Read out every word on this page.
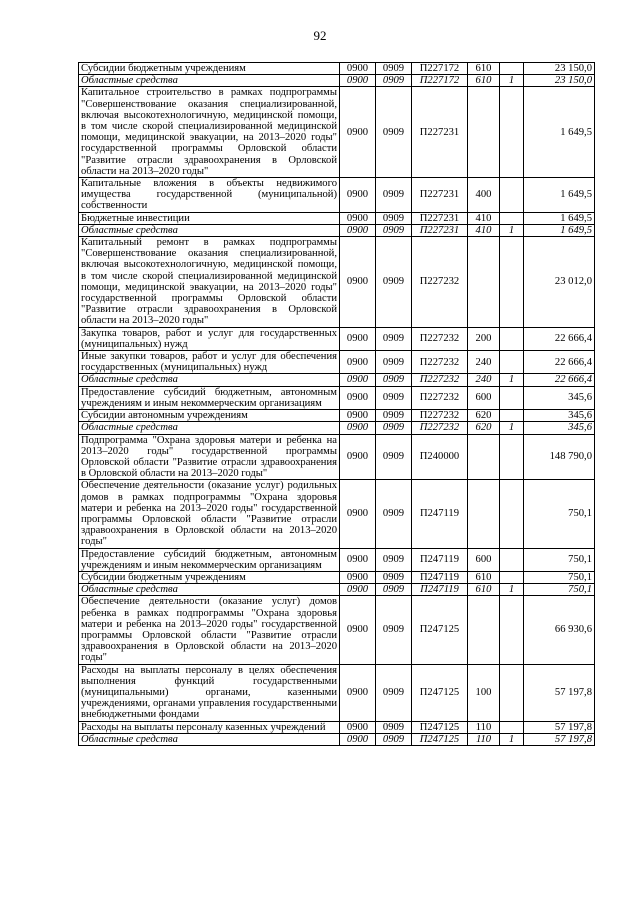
92
Субсидии бюджетным учреждениям	0900	0909	П227172	610		23 150,0
Областные средства	0900	0909	П227172	610	1	23 150,0
Капитальное строительство в рамках подпрограммы "Совершенствование оказания специализированной, включая высокотехнологичную, медицинской помощи, в том числе скорой специализированной медицинской помощи, медицинской эвакуации, на 2013–2020 годы" государственной программы Орловской области "Развитие отрасли здравоохранения в Орловской области на 2013–2020 годы"	0900	0909	П227231			1 649,5
Капитальные вложения в объекты недвижимого имущества государственной (муниципальной) собственности	0900	0909	П227231	400		1 649,5
Бюджетные инвестиции	0900	0909	П227231	410		1 649,5
Областные средства	0900	0909	П227231	410	1	1 649,5
Капитальный ремонт в рамках подпрограммы "Совершенствование оказания специализированной, включая высокотехнологичную, медицинской помощи, в том числе скорой специализированной медицинской помощи, медицинской эвакуации, на 2013–2020 годы" государственной программы Орловской области "Развитие отрасли здравоохранения в Орловской области на 2013–2020 годы"	0900	0909	П227232			23 012,0
Закупка товаров, работ и услуг для государственных (муниципальных) нужд	0900	0909	П227232	200		22 666,4
Иные закупки товаров, работ и услуг для обеспечения государственных (муниципальных) нужд	0900	0909	П227232	240		22 666,4
Областные средства	0900	0909	П227232	240	1	22 666,4
Предоставление субсидий бюджетным, автономным учреждениям и иным некоммерческим организациям	0900	0909	П227232	600		345,6
Субсидии автономным учреждениям	0900	0909	П227232	620		345,6
Областные средства	0900	0909	П227232	620	1	345,6
Подпрограмма "Охрана здоровья матери и ребенка на 2013–2020 годы" государственной программы Орловской области "Развитие отрасли здравоохранения в Орловской области на 2013–2020 годы"	0900	0909	П240000			148 790,0
Обеспечение деятельности (оказание услуг) родильных домов в рамках подпрограммы "Охрана здоровья матери и ребенка на 2013–2020 годы" государственной программы Орловской области "Развитие отрасли здравоохранения в Орловской области на 2013–2020 годы"	0900	0909	П247119			750,1
Предоставление субсидий бюджетным, автономным учреждениям и иным некоммерческим организациям	0900	0909	П247119	600		750,1
Субсидии бюджетным учреждениям	0900	0909	П247119	610		750,1
Областные средства	0900	0909	П247119	610	1	750,1
Обеспечение деятельности (оказание услуг) домов ребенка в рамках подпрограммы "Охрана здоровья матери и ребенка на 2013–2020 годы" государственной программы Орловской области "Развитие отрасли здравоохранения в Орловской области на 2013–2020 годы"	0900	0909	П247125			66 930,6
Расходы на выплаты персоналу в целях обеспечения выполнения функций государственными (муниципальными) органами, казенными учреждениями, органами управления государственными внебюджетными фондами	0900	0909	П247125	100		57 197,8
Расходы на выплаты персоналу казенных учреждений	0900	0909	П247125	110		57 197,8
Областные средства	0900	0909	П247125	110	1	57 197,8
